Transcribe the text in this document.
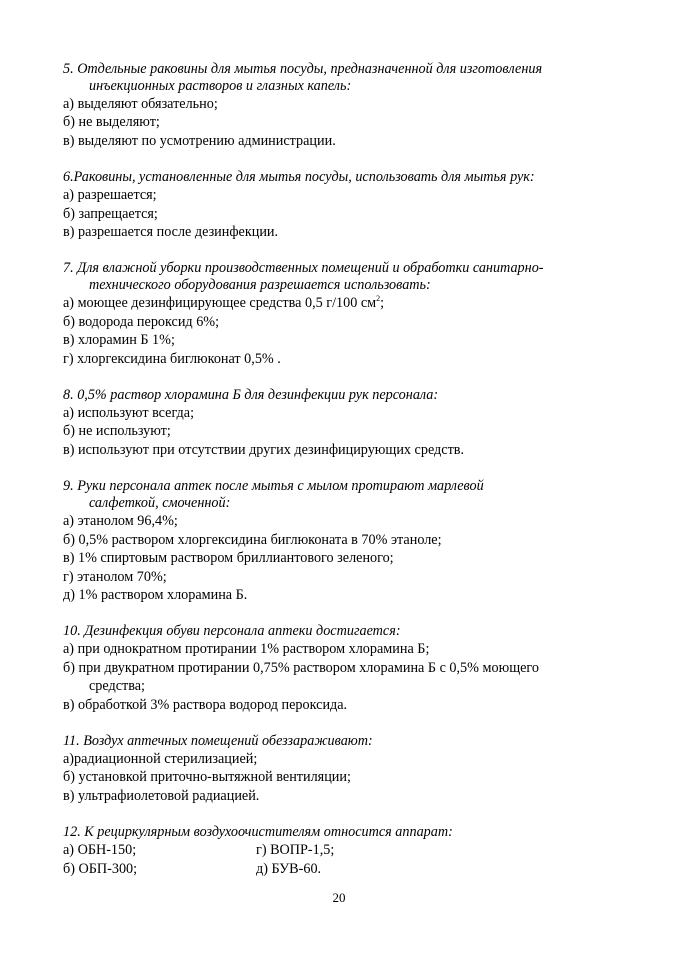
5. Отдельные раковины для мытья посуды, предназначенной для изготовления
инъекционных растворов и глазных капель:
а) выделяют обязательно;
б) не выделяют;
в) выделяют по усмотрению администрации.
6.Раковины, установленные для мытья посуды, использовать для мытья рук:
а) разрешается;
б) запрещается;
в) разрешается после дезинфекции.
7. Для влажной уборки производственных помещений и обработки санитарно-
технического оборудования разрешается использовать:
а) моющее дезинфицирующее средства 0,5 г/100 $см^2$;
б) водорода пероксид 6%;
в) хлорамин Б 1%;
г) хлоргексидина биглюконат 0,5% .
8. 0,5% раствор хлорамина Б для дезинфекции рук персонала:
а) используют всегда;
б) не используют;
в) используют при отсутствии других дезинфицирующих средств.
9. Руки персонала аптек после мытья с мылом протирают марлевой
салфеткой, смоченной:
а) этанолом 96,4%;
б) 0,5% раствором хлоргексидина биглюконата в 70% этаноле;
в) 1% спиртовым раствором бриллиантового зеленого;
г) этанолом 70%;
д) 1% раствором хлорамина Б.
10. Дезинфекция обуви персонала аптеки достигается:
а) при однократном протирании 1% раствором хлорамина Б;
б) при двукратном протирании 0,75% раствором хлорамина Б с 0,5% моющего
средства;
в) обработкой 3% раствора водород пероксида.
11. Воздух аптечных помещений обеззараживают:
а)радиационной стерилизацией;
б) установкой приточно-вытяжной вентиляции;
в) ультрафиолетовой радиацией.
12. К рециркулярным воздухоочистителям относится аппарат:
а) ОБН-150;	г) ВОПР-1,5;
б) ОБП-300;	д) БУВ-60.
20
